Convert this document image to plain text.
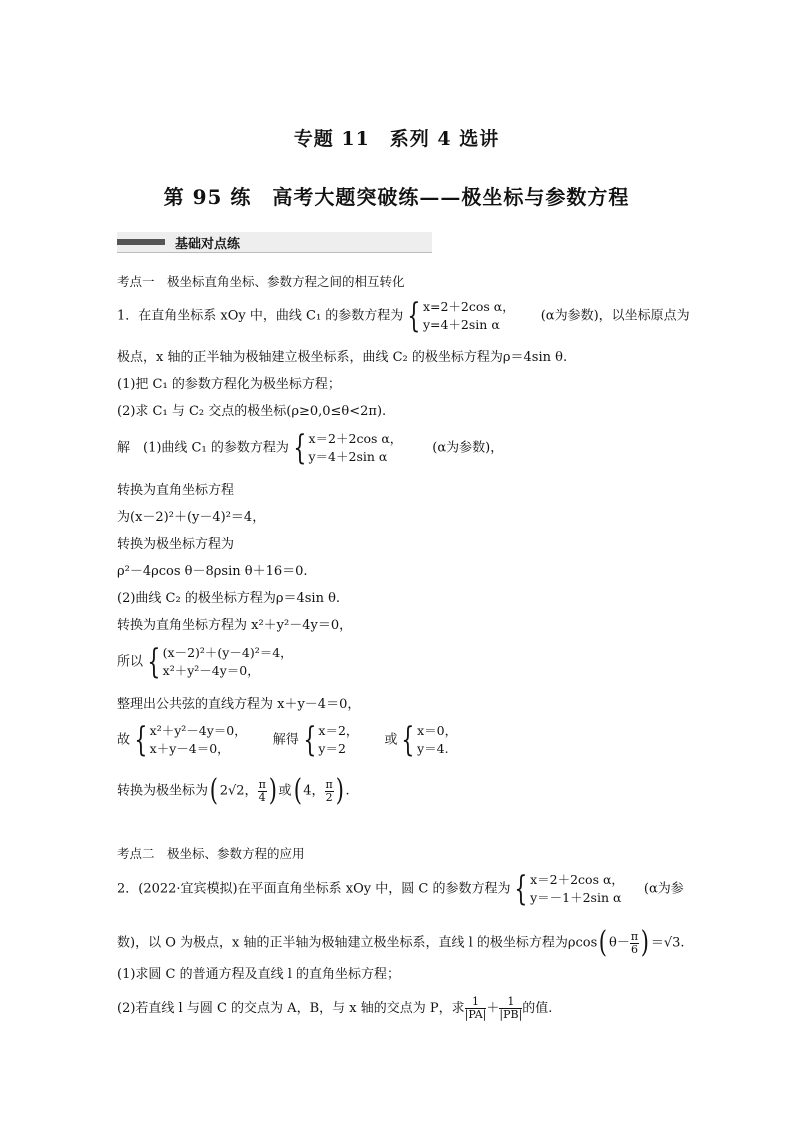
专题 11　系列 4 选讲
第 95 练　高考大题突破练——极坐标与参数方程
基础对点练
考点一　极坐标直角坐标、参数方程之间的相互转化
1．在直角坐标系 xOy 中，曲线 C₁ 的参数方程为 { x=2＋2cos α，
y=4＋2sin α
(α为参数)，以坐标原点为
极点，x 轴的正半轴为极轴建立极坐标系，曲线 C₂ 的极坐标方程为ρ＝4sin θ.
(1)把 C₁ 的参数方程化为极坐标方程；
(2)求 C₁ 与 C₂ 交点的极坐标(ρ≥0,0≤θ<2π).
解　(1)曲线 C₁ 的参数方程为 { x＝2＋2cos α，
y＝4＋2sin α
(α为参数)，
转换为直角坐标方程
为(x－2)²＋(y－4)²＝4，
转换为极坐标方程为
ρ²－4ρcos θ－8ρsin θ＋16＝0.
(2)曲线 C₂ 的极坐标方程为ρ＝4sin θ.
转换为直角坐标方程为 x²＋y²－4y＝0，
所以 { (x－2)²＋(y－4)²＝4，
x²＋y²－4y＝0，
整理出公共弦的直线方程为 x＋y－4＝0，
故 { x²＋y²－4y＝0，
x＋y－4＝0，
解得 { x＝2，
y＝2
或 { x＝0，
y＝4.
转换为极坐标为( 2√2， $\frac{\pi}{4}$ ) 或( 4， $\frac{\pi}{2}$ ) .
考点二　极坐标、参数方程的应用
2．(2022·宜宾模拟)在平面直角坐标系 xOy 中，圆 C 的参数方程为 { x＝2＋2cos α，
y＝－1＋2sin α
(α为参
数)，以 O 为极点，x 轴的正半轴为极轴建立极坐标系，直线 l 的极坐标方程为ρcos( $\theta- \frac{\pi}{6}$ ) ＝√3.
(1)求圆 C 的普通方程及直线 l 的直角坐标方程；
(2)若直线 l 与圆 C 的交点为 A，B，与 x 轴的交点为 P，求 $\frac{1}{|PA|} + \frac{1}{|PB|}$ 的值.
